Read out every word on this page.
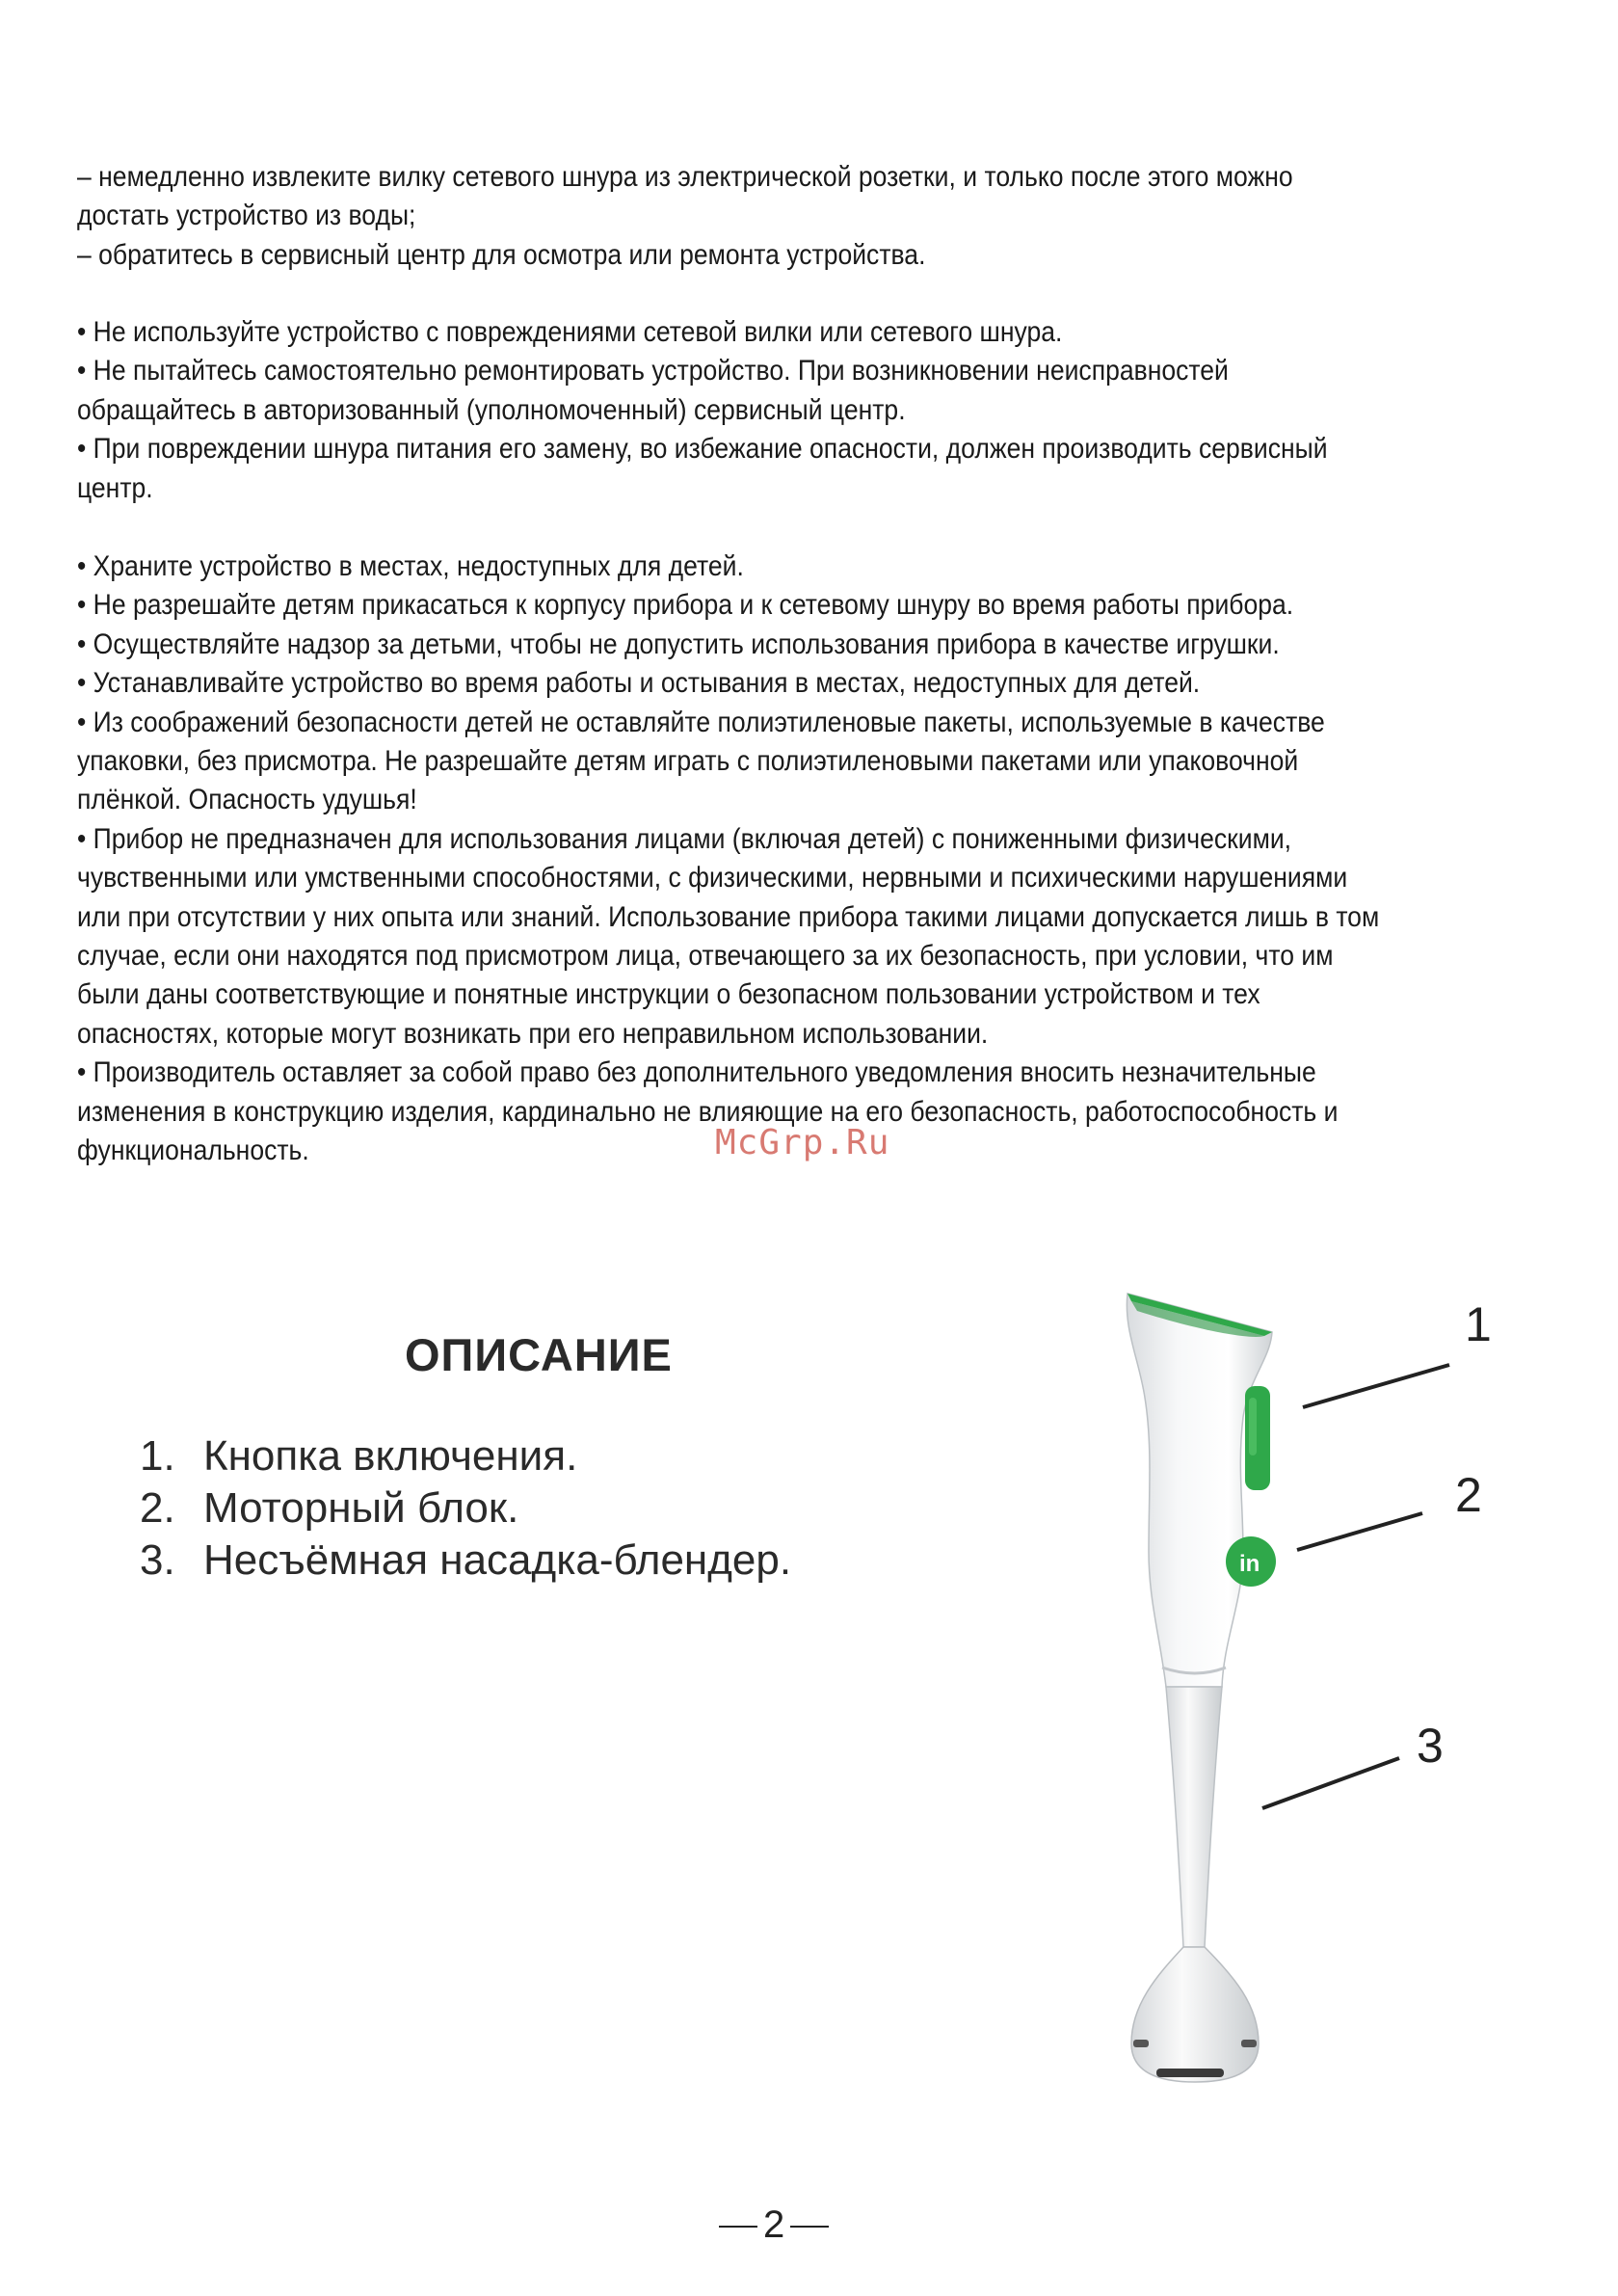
– немедленно извлеките вилку сетевого шнура из электрической розетки, и только после этого можно

достать устройство из воды;

– обратитесь в сервисный центр для осмотра или ремонта устройства.

• Не используйте устройство с повреждениями сетевой вилки или сетевого шнура.

• Не пытайтесь самостоятельно ремонтировать устройство. При возникновении неисправностей

обращайтесь в авторизованный (уполномоченный) сервисный центр.

• При повреждении шнура питания его замену, во избежание опасности, должен производить сервисный

центр.

• Храните устройство в местах, недоступных для детей.

• Не разрешайте детям прикасаться к корпусу прибора и к сетевому шнуру во время работы прибора.

• Осуществляйте надзор за детьми, чтобы не допустить использования прибора в качестве игрушки.

• Устанавливайте устройство во время работы и остывания в местах, недоступных для детей.

• Из соображений безопасности детей не оставляйте полиэтиленовые пакеты, используемые в качестве

упаковки, без присмотра. Не разрешайте детям играть с полиэтиленовыми пакетами или упаковочной

плёнкой. Опасность удушья!

• Прибор не предназначен для использования лицами (включая детей) с пониженными физическими,

чувственными или умственными способностями, с физическими, нервными и психическими нарушениями

или при отсутствии у них опыта или знаний. Использование прибора такими лицами допускается лишь в том

случае, если они находятся под присмотром лица, отвечающего за их безопасность, при условии, что им

были даны соответствующие и понятные инструкции о безопасном пользовании устройством и тех

опасностях, которые могут возникать при его неправильном использовании.

• Производитель оставляет за собой право без дополнительного уведомления вносить незначительные

изменения в конструкцию изделия, кардинально не влияющие на его безопасность, работоспособность и

функциональность.	McGrp.Ru
ОПИСАНИЕ
1. Кнопка включения.
2. Моторный блок.
3. Несъёмная насадка-блендер.	in
1
2
3
2
